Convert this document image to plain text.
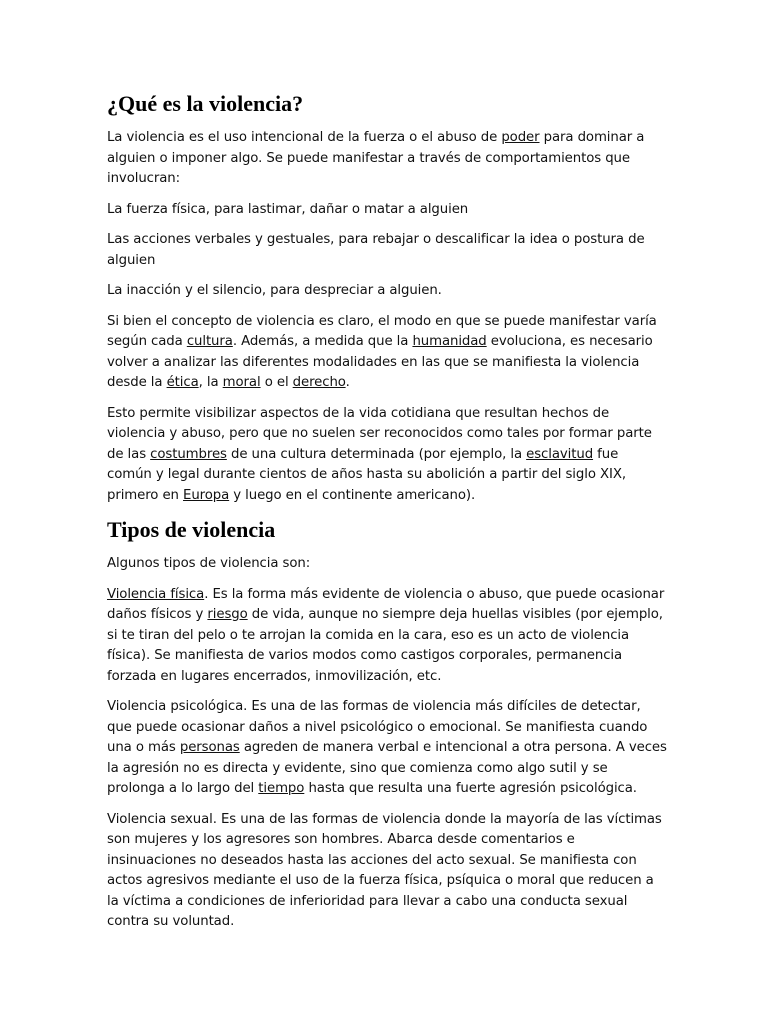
¿Qué es la violencia?

La violencia es el uso intencional de la fuerza o el abuso de poder para dominar a alguien o imponer algo. Se puede manifestar a través de comportamientos que involucran:

La fuerza física, para lastimar, dañar o matar a alguien

Las acciones verbales y gestuales, para rebajar o descalificar la idea o postura de alguien

La inacción y el silencio, para despreciar a alguien.

Si bien el concepto de violencia es claro, el modo en que se puede manifestar varía según cada cultura. Además, a medida que la humanidad evoluciona, es necesario volver a analizar las diferentes modalidades en las que se manifiesta la violencia desde la ética, la moral o el derecho.

Esto permite visibilizar aspectos de la vida cotidiana que resultan hechos de violencia y abuso, pero que no suelen ser reconocidos como tales por formar parte de las costumbres de una cultura determinada (por ejemplo, la esclavitud fue común y legal durante cientos de años hasta su abolición a partir del siglo XIX, primero en Europa y luego en el continente americano).

Tipos de violencia

Algunos tipos de violencia son:

Violencia física. Es la forma más evidente de violencia o abuso, que puede ocasionar daños físicos y riesgo de vida, aunque no siempre deja huellas visibles (por ejemplo, si te tiran del pelo o te arrojan la comida en la cara, eso es un acto de violencia física). Se manifiesta de varios modos como castigos corporales, permanencia forzada en lugares encerrados, inmovilización, etc.

Violencia psicológica. Es una de las formas de violencia más difíciles de detectar, que puede ocasionar daños a nivel psicológico o emocional. Se manifiesta cuando una o más personas agreden de manera verbal e intencional a otra persona. A veces la agresión no es directa y evidente, sino que comienza como algo sutil y se prolonga a lo largo del tiempo hasta que resulta una fuerte agresión psicológica.

Violencia sexual. Es una de las formas de violencia donde la mayoría de las víctimas son mujeres y los agresores son hombres. Abarca desde comentarios e insinuaciones no deseados hasta las acciones del acto sexual. Se manifiesta con actos agresivos mediante el uso de la fuerza física, psíquica o moral que reducen a la víctima a condiciones de inferioridad para llevar a cabo una conducta sexual contra su voluntad.
